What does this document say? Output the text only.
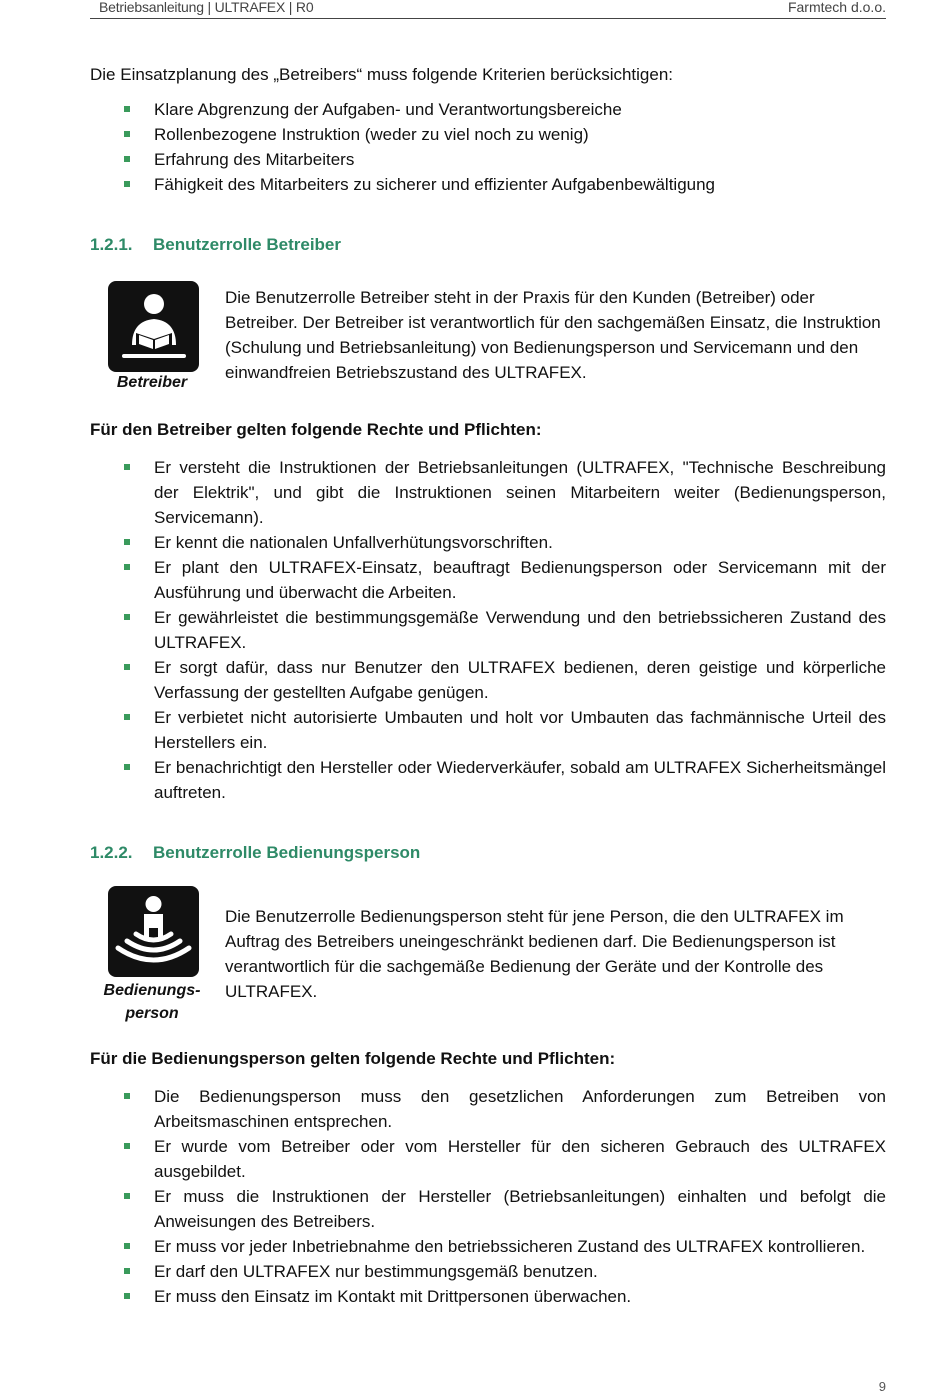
Betriebsanleitung | ULTRAFEX | R0	Farmtech d.o.o.

Die Einsatzplanung des „Betreibers“ muss folgende Kriterien berücksichtigen:

Klare Abgrenzung der Aufgaben- und Verantwortungsbereiche
Rollenbezogene Instruktion (weder zu viel noch zu wenig)
Erfahrung des Mitarbeiters
Fähigkeit des Mitarbeiters zu sicherer und effizienter Aufgabenbewältigung
1.2.1. Benutzerrolle Betreiber
Betreiber

Die Benutzerrolle Betreiber steht in der Praxis für den Kunden (Betreiber) oder Betreiber. Der Betreiber ist verantwortlich für den sachgemäßen Einsatz, die Instruktion (Schulung und Betriebsanleitung) von Bedienungsperson und Servicemann und den einwandfreien Betriebszustand des ULTRAFEX.

Für den Betreiber gelten folgende Rechte und Pflichten:

Er versteht die Instruktionen der Betriebsanleitungen (ULTRAFEX, "Technische Beschreibung der Elektrik", und gibt die Instruktionen seinen Mitarbeitern weiter (Bedienungsperson, Servicemann).
Er kennt die nationalen Unfallverhütungsvorschriften.
Er plant den ULTRAFEX-Einsatz, beauftragt Bedienungsperson oder Servicemann mit der Ausführung und überwacht die Arbeiten.
Er gewährleistet die bestimmungsgemäße Verwendung und den betriebssicheren Zustand des ULTRAFEX.
Er sorgt dafür, dass nur Benutzer den ULTRAFEX bedienen, deren geistige und körperliche Verfassung der gestellten Aufgabe genügen.
Er verbietet nicht autorisierte Umbauten und holt vor Umbauten das fachmännische Urteil des Herstellers ein.
Er benachrichtigt den Hersteller oder Wiederverkäufer, sobald am ULTRAFEX Sicherheitsmängel auftreten.
1.2.2. Benutzerrolle Bedienungsperson
Bedienungs-
person

Die Benutzerrolle Bedienungsperson steht für jene Person, die den ULTRAFEX im Auftrag des Betreibers uneingeschränkt bedienen darf. Die Bedienungsperson ist verantwortlich für die sachgemäße Bedienung der Geräte und der Kontrolle des ULTRAFEX.

Für die Bedienungsperson gelten folgende Rechte und Pflichten:

Die Bedienungsperson muss den gesetzlichen Anforderungen zum Betreiben von Arbeitsmaschinen entsprechen.
Er wurde vom Betreiber oder vom Hersteller für den sicheren Gebrauch des ULTRAFEX ausgebildet.
Er muss die Instruktionen der Hersteller (Betriebsanleitungen) einhalten und befolgt die Anweisungen des Betreibers.
Er muss vor jeder Inbetriebnahme den betriebssicheren Zustand des ULTRAFEX kontrollieren.
Er darf den ULTRAFEX nur bestimmungsgemäß benutzen.
Er muss den Einsatz im Kontakt mit Drittpersonen überwachen.
9
